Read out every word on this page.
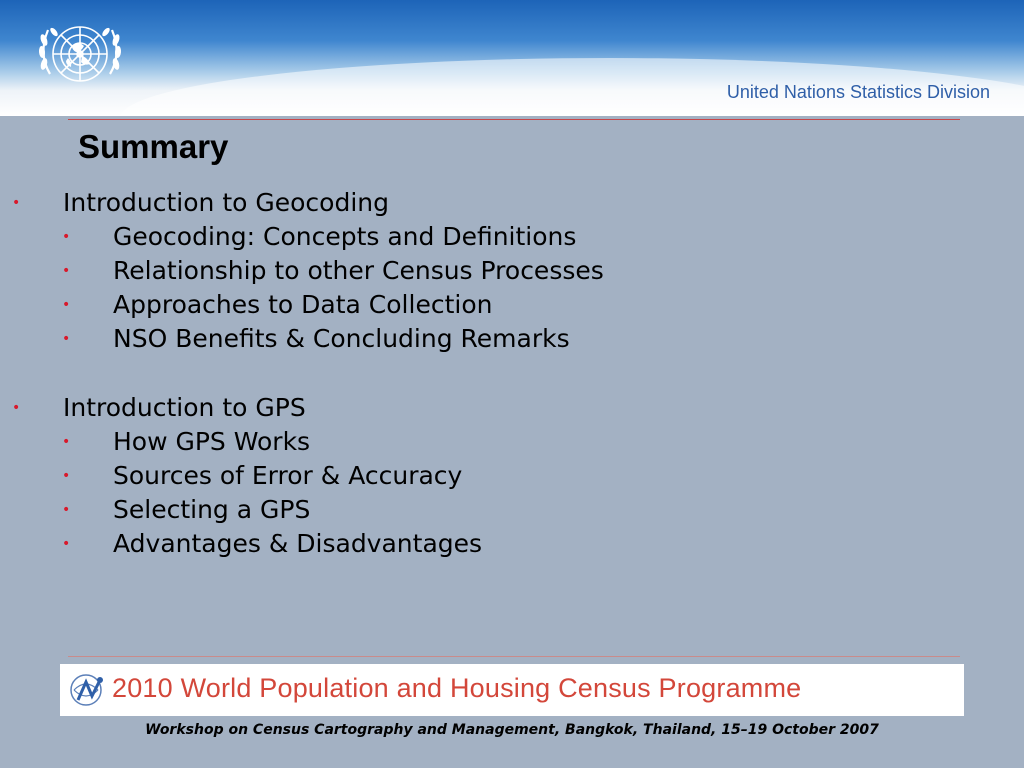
United Nations Statistics Division
Summary
• Introduction to Geocoding
• Geocoding: Concepts and Definitions
• Relationship to other Census Processes
• Approaches to Data Collection
• NSO Benefits & Concluding Remarks
• Introduction to GPS
• How GPS Works
• Sources of Error & Accuracy
• Selecting a GPS
• Advantages & Disadvantages
2010 World Population and Housing Census Programme
Workshop on Census Cartography and Management, Bangkok, Thailand, 15–19 October 2007
